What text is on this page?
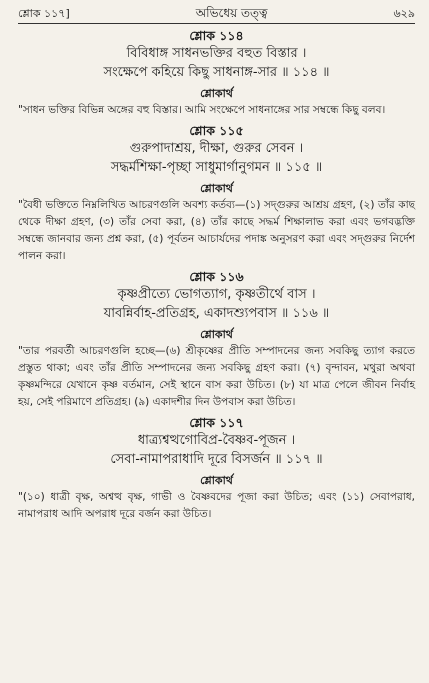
শ্লোক ১১৭]	অভিধেয় তত্ত্ব	৬২৯
শ্লোক ১১৪
বিবিধাঙ্গ সাধনভক্তির বহুত বিস্তার ।
সংক্ষেপে কহিয়ে কিছু সাধনাঙ্গ-সার ॥ ১১৪ ॥
শ্লোকার্থ
"সাধন ভক্তির বিভিন্ন অঙ্গের বহু বিস্তার। আমি সংক্ষেপে সাধনাঙ্গের সার সম্বন্ধে কিছু বলব।
শ্লোক ১১৫
গুরুপাদাশ্রয়, দীক্ষা, গুরুর সেবন ।
সদ্ধর্মশিক্ষা-পৃচ্ছা সাধুমার্গানুগমন ॥ ১১৫ ॥
শ্লোকার্থ
"বৈধী ভক্তিতে নিম্নলিখিত আচরণগুলি অবশ্য কর্তব্য—(১) সদ্‌গুরুর আশ্রয় গ্রহণ, (২) তাঁর কাছ থেকে দীক্ষা গ্রহণ, (৩) তাঁর সেবা করা, (৪) তাঁর কাছে সদ্ধর্ম শিক্ষালাভ করা এবং ভগবদ্ভক্তি সম্বন্ধে জানবার জন্য প্রশ্ন করা, (৫) পূর্বতন আচার্যদের পদাঙ্ক অনুসরণ করা এবং সদ্‌গুরুর নির্দেশ পালন করা।
শ্লোক ১১৬
কৃষ্ণপ্রীত্যে ভোগত্যাগ, কৃষ্ণতীর্থে বাস ।
যাবন্নির্বাহ-প্রতিগ্রহ, একাদশ্যুপবাস ॥ ১১৬ ॥
শ্লোকার্থ
"তার পরবর্তী আচরণগুলি হচ্ছে—(৬) শ্রীকৃষ্ণের প্রীতি সম্পাদনের জন্য সবকিছু ত্যাগ করতে প্রস্তুত থাকা; এবং তাঁর প্রীতি সম্পাদনের জন্য সবকিছু গ্রহণ করা। (৭) বৃন্দাবন, মথুরা অথবা কৃষ্ণমন্দিরে যেখানে কৃষ্ণ বর্তমান, সেই স্থানে বাস করা উচিত। (৮) যা মাত্র পেলে জীবন নির্বাহ হয়, সেই পরিমাণে প্রতিগ্রহ। (৯) একাদশীর দিন উপবাস করা উচিত।
শ্লোক ১১৭
ধাত্র্যশ্বত্থগোবিপ্র-বৈষ্ণব-পূজন ।
সেবা-নামাপরাধাদি দূরে বিসর্জন ॥ ১১৭ ॥
শ্লোকার্থ
"(১০) ধাত্রী বৃক্ষ, অশ্বত্থ বৃক্ষ, গাভী ও বৈষ্ণবদের পূজা করা উচিত; এবং (১১) সেবাপরাধ, নামাপরাধ আদি অপরাধ দূরে বর্জন করা উচিত।
